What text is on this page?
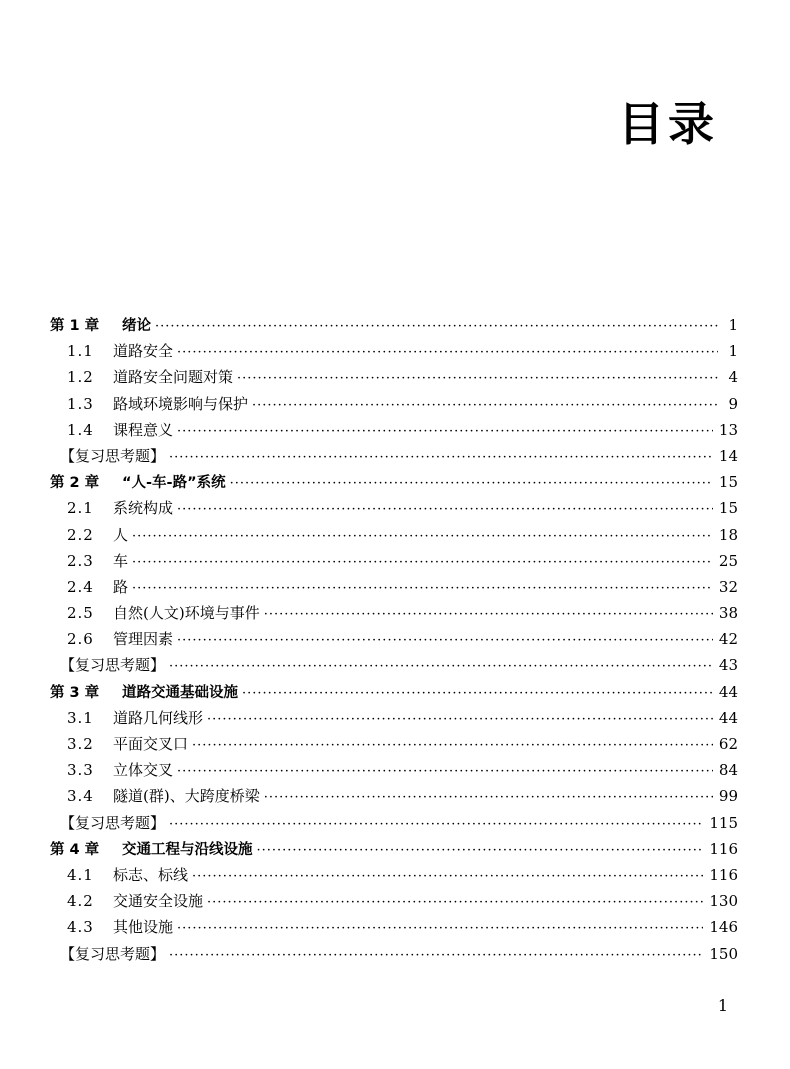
目录
第 1 章 绪论 ·····	1
1.1 道路安全 ·····	1
1.2 道路安全问题对策 ·····	4
1.3 路域环境影响与保护 ·····	9
1.4 课程意义 ·····	13
【复习思考题】 ·····	14
第 2 章 “人-车-路”系统 ·····	15
2.1 系统构成 ·····	15
2.2 人 ·····	18
2.3 车 ·····	25
2.4 路 ·····	32
2.5 自然(人文)环境与事件 ·····	38
2.6 管理因素 ·····	42
【复习思考题】 ·····	43
第 3 章 道路交通基础设施 ·····	44
3.1 道路几何线形 ·····	44
3.2 平面交叉口 ·····	62
3.3 立体交叉 ·····	84
3.4 隧道(群)、大跨度桥梁 ·····	99
【复习思考题】 ·····	115
第 4 章 交通工程与沿线设施 ·····	116
4.1 标志、标线 ·····	116
4.2 交通安全设施 ·····	130
4.3 其他设施 ·····	146
【复习思考题】 ·····	150
1
